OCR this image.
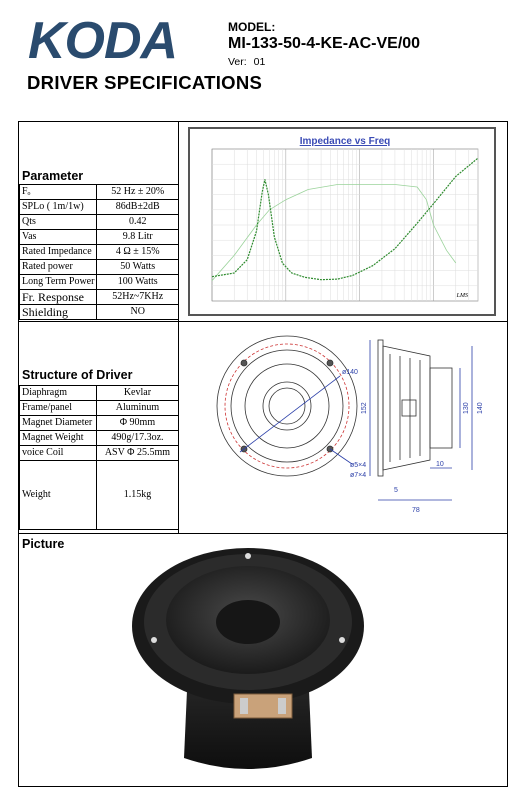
KODA
DRIVER SPECIFICATIONS
MODEL:
MI-133-50-4-KE-AC-VE/00
Ver: 01
Parameter
Fₒ	52 Hz ± 20%
SPLo ( 1m/1w)	86dB±2dB
Qts	0.42
Vas	9.8 Litr
Rated Impedance	4 Ω ± 15%
Rated power	50 Watts
Long Term Power	100 Watts
Fr. Response	52Hz~7KHz
Shielding	NO
Impedance vs Freq
LMS
Structure of Driver
Diaphragm	Kevlar
Frame/panel	Aluminum
Magnet Diameter	Φ 90mm
Magnet Weight	490g/17.3oz.
voice Coil	ASV Φ 25.5mm
Weight	1.15kg
ø140
152	140
130
10
5
78
ø5×4
ø7×4
Picture
